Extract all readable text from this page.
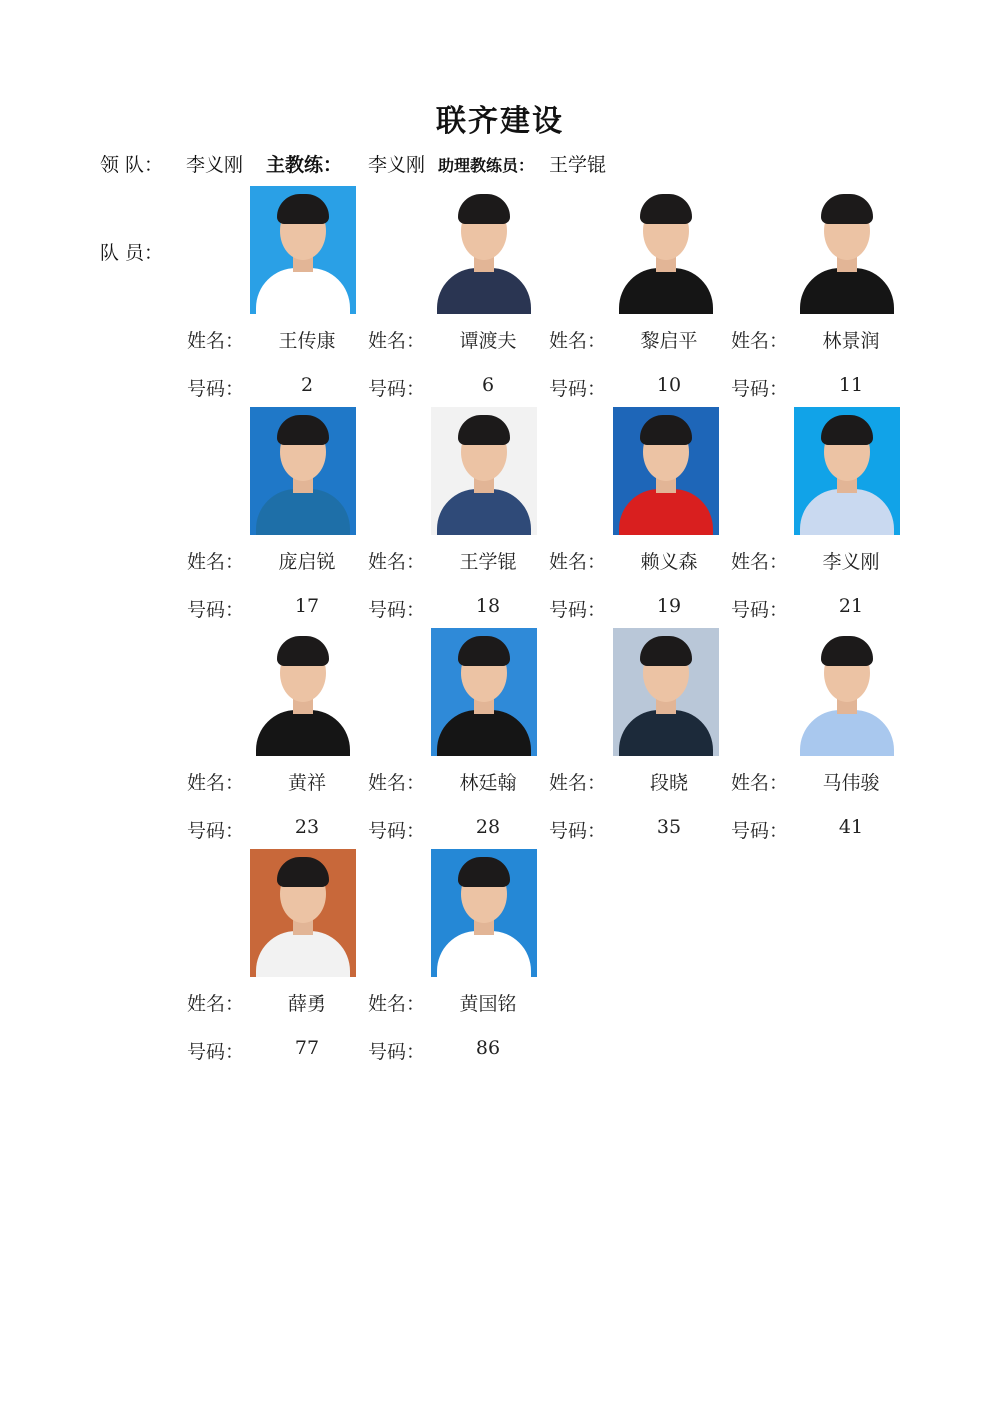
联齐建设
领 队： 李义刚 主教练： 李义刚 助理教练员： 王学锟
队 员：
姓名：	王传康
号码：	2
姓名：	谭渡夫
号码：	6
姓名：	黎启平
号码：	10
姓名：	林景润
号码：	11
姓名：	庞启锐
号码：	17
姓名：	王学锟
号码：	18
姓名：	赖义森
号码：	19
姓名：	李义刚
号码：	21
姓名：	黄祥
号码：	23
姓名：	林廷翰
号码：	28
姓名：	段晓
号码：	35
姓名：	马伟骏
号码：	41
姓名：	薛勇
号码：	77
姓名：	黄国铭
号码：	86
